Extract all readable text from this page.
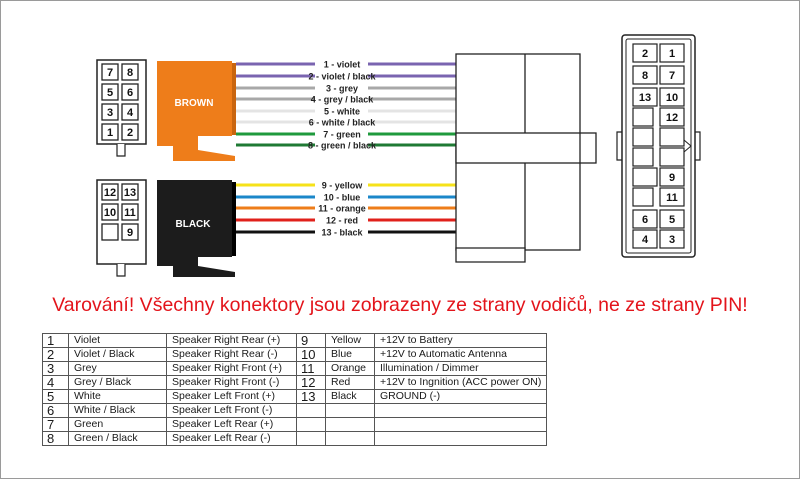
7 8
5 6
3 4
1 2
BROWN
12 13
10 11
9
BLACK
1 - violet
2 - violet / black
3 - grey
4 - grey / black
5 - white
6 - white / black
7 - green
8 - green / black
9 - yellow
10 - blue
11 - orange
12 - red
13 - black
2 1
8 7
13 10
12
9
11
6 5
4 3
Varování! Všechny konektory jsou zobrazeny ze strany vodičů, ne ze strany PIN!
1	Violet	Speaker Right Rear (+)	9	Yellow	+12V to Battery
2	Violet / Black	Speaker Right Rear (-)	10	Blue	+12V to Automatic Antenna
3	Grey	Speaker Right Front (+)	11	Orange	Illumination / Dimmer
4	Grey / Black	Speaker Right Front (-)	12	Red	+12V to Ingnition (ACC power ON)
5	White	Speaker Left Front (+)	13	Black	GROUND (-)
6	White / Black	Speaker Left Front (-)			
7	Green	Speaker Left Rear (+)			
8	Green / Black	Speaker Left Rear (-)			
